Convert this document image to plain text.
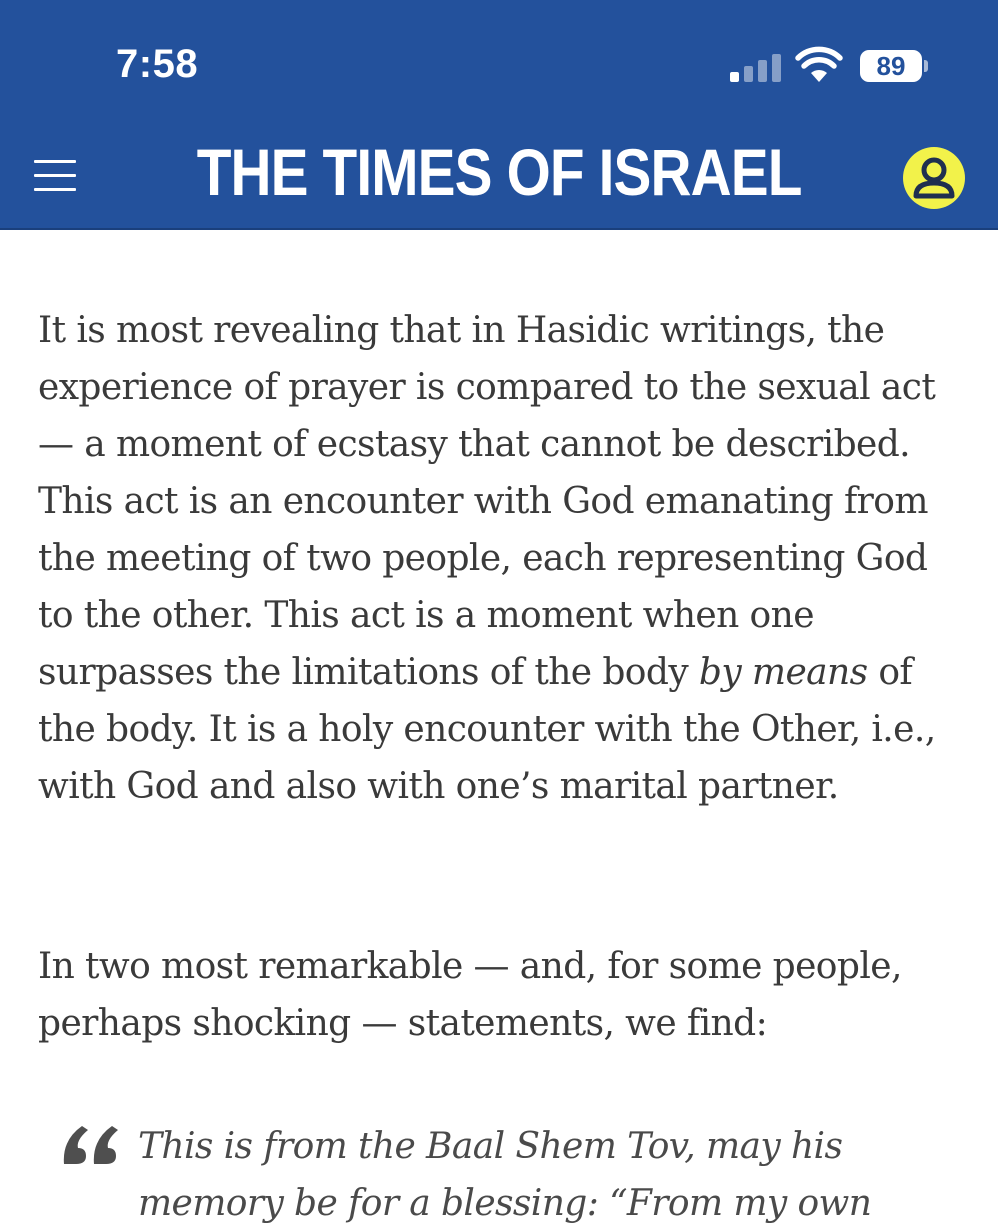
7:58	89
THE TIMES OF ISRAEL

It is most revealing that in Hasidic writings, the experience of prayer is compared to the sexual act — a moment of ecstasy that cannot be described. This act is an encounter with God emanating from the meeting of two people, each representing God to the other. This act is a moment when one surpasses the limitations of the body by means of the body. It is a holy encounter with the Other, i.e., with God and also with one’s marital partner.

In two most remarkable — and, for some people, perhaps shocking — statements, we find:

This is from the Baal Shem Tov, may his memory be for a blessing: “From my own
